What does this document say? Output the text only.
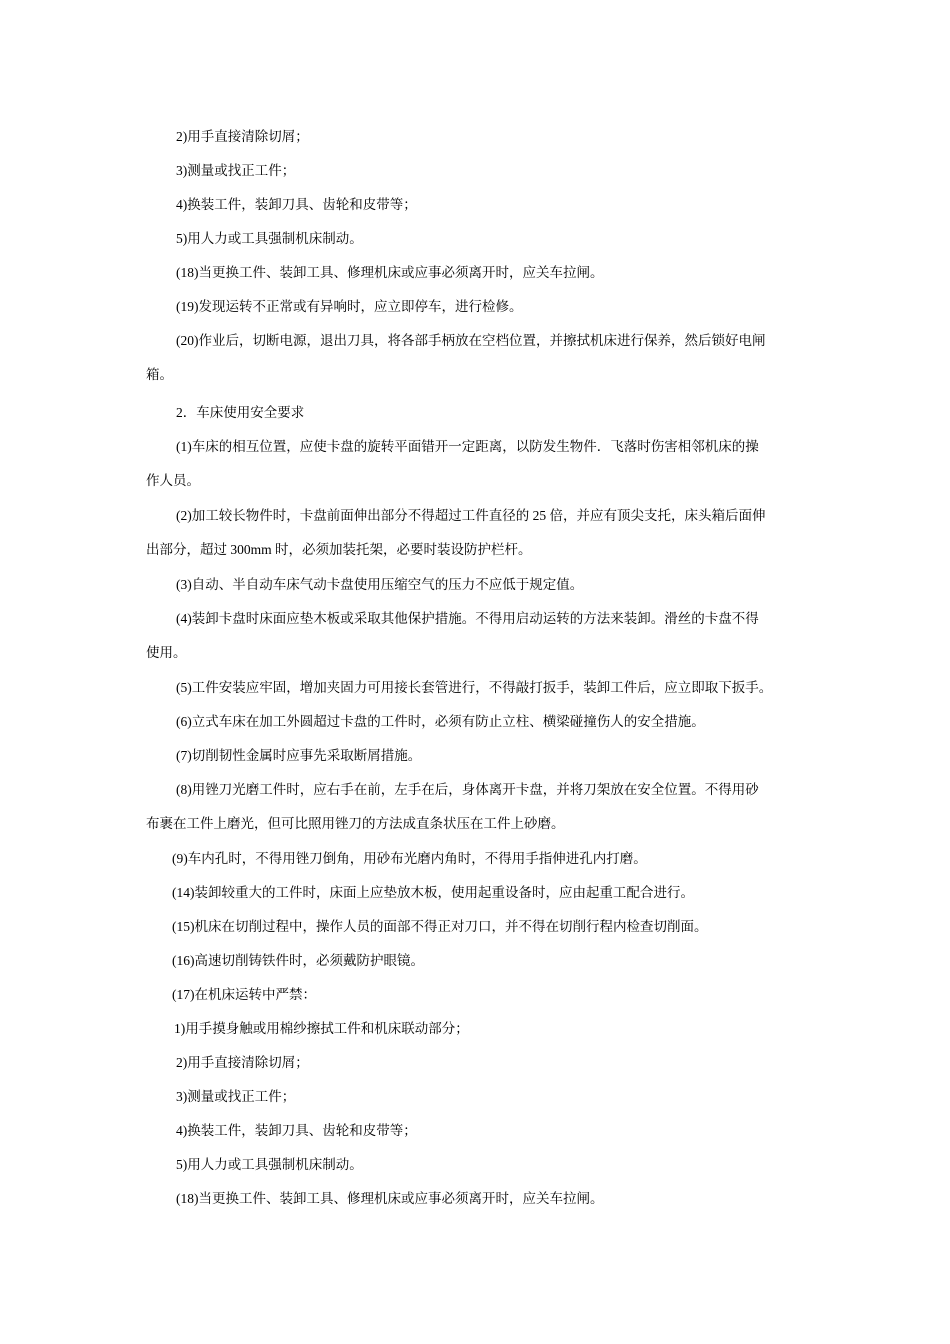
2)用手直接清除切屑；

3)测量或找正工件；

4)换装工件，装卸刀具、齿轮和皮带等；

5)用人力或工具强制机床制动。

(18)当更换工件、装卸工具、修理机床或应事必须离开时，应关车拉闸。

(19)发现运转不正常或有异响时，应立即停车，进行检修。

(20)作业后，切断电源，退出刀具，将各部手柄放在空档位置，并擦拭机床进行保养，然后锁好电闸

箱。

2．车床使用安全要求

(1)车床的相互位置，应使卡盘的旋转平面错开一定距离，以防发生物件．飞落时伤害相邻机床的操

作人员。

(2)加工较长物件时，卡盘前面伸出部分不得超过工件直径的 25 倍，并应有顶尖支托，床头箱后面伸

出部分，超过 300mm 时，必须加装托架，必要时装设防护栏杆。

(3)自动、半自动车床气动卡盘使用压缩空气的压力不应低于规定值。

(4)装卸卡盘时床面应垫木板或采取其他保护措施。不得用启动运转的方法来装卸。滑丝的卡盘不得

使用。

(5)工件安装应牢固，增加夹固力可用接长套管进行，不得敲打扳手，装卸工件后，应立即取下扳手。

(6)立式车床在加工外圆超过卡盘的工件时，必须有防止立柱、横梁碰撞伤人的安全措施。

(7)切削韧性金属时应事先采取断屑措施。

(8)用锉刀光磨工件时，应右手在前，左手在后，身体离开卡盘，并将刀架放在安全位置。不得用砂

布裹在工件上磨光，但可比照用锉刀的方法成直条状压在工件上砂磨。

(9)车内孔时，不得用锉刀倒角，用砂布光磨内角时，不得用手指伸进孔内打磨。

(14)装卸较重大的工件时，床面上应垫放木板，使用起重设备时，应由起重工配合进行。

(15)机床在切削过程中，操作人员的面部不得正对刀口，并不得在切削行程内检查切削面。

(16)高速切削铸铁件时，必须戴防护眼镜。

(17)在机床运转中严禁：

1)用手摸身触或用棉纱擦拭工件和机床联动部分；

2)用手直接清除切屑；

3)测量或找正工件；

4)换装工件，装卸刀具、齿轮和皮带等；

5)用人力或工具强制机床制动。

(18)当更换工件、装卸工具、修理机床或应事必须离开时，应关车拉闸。
